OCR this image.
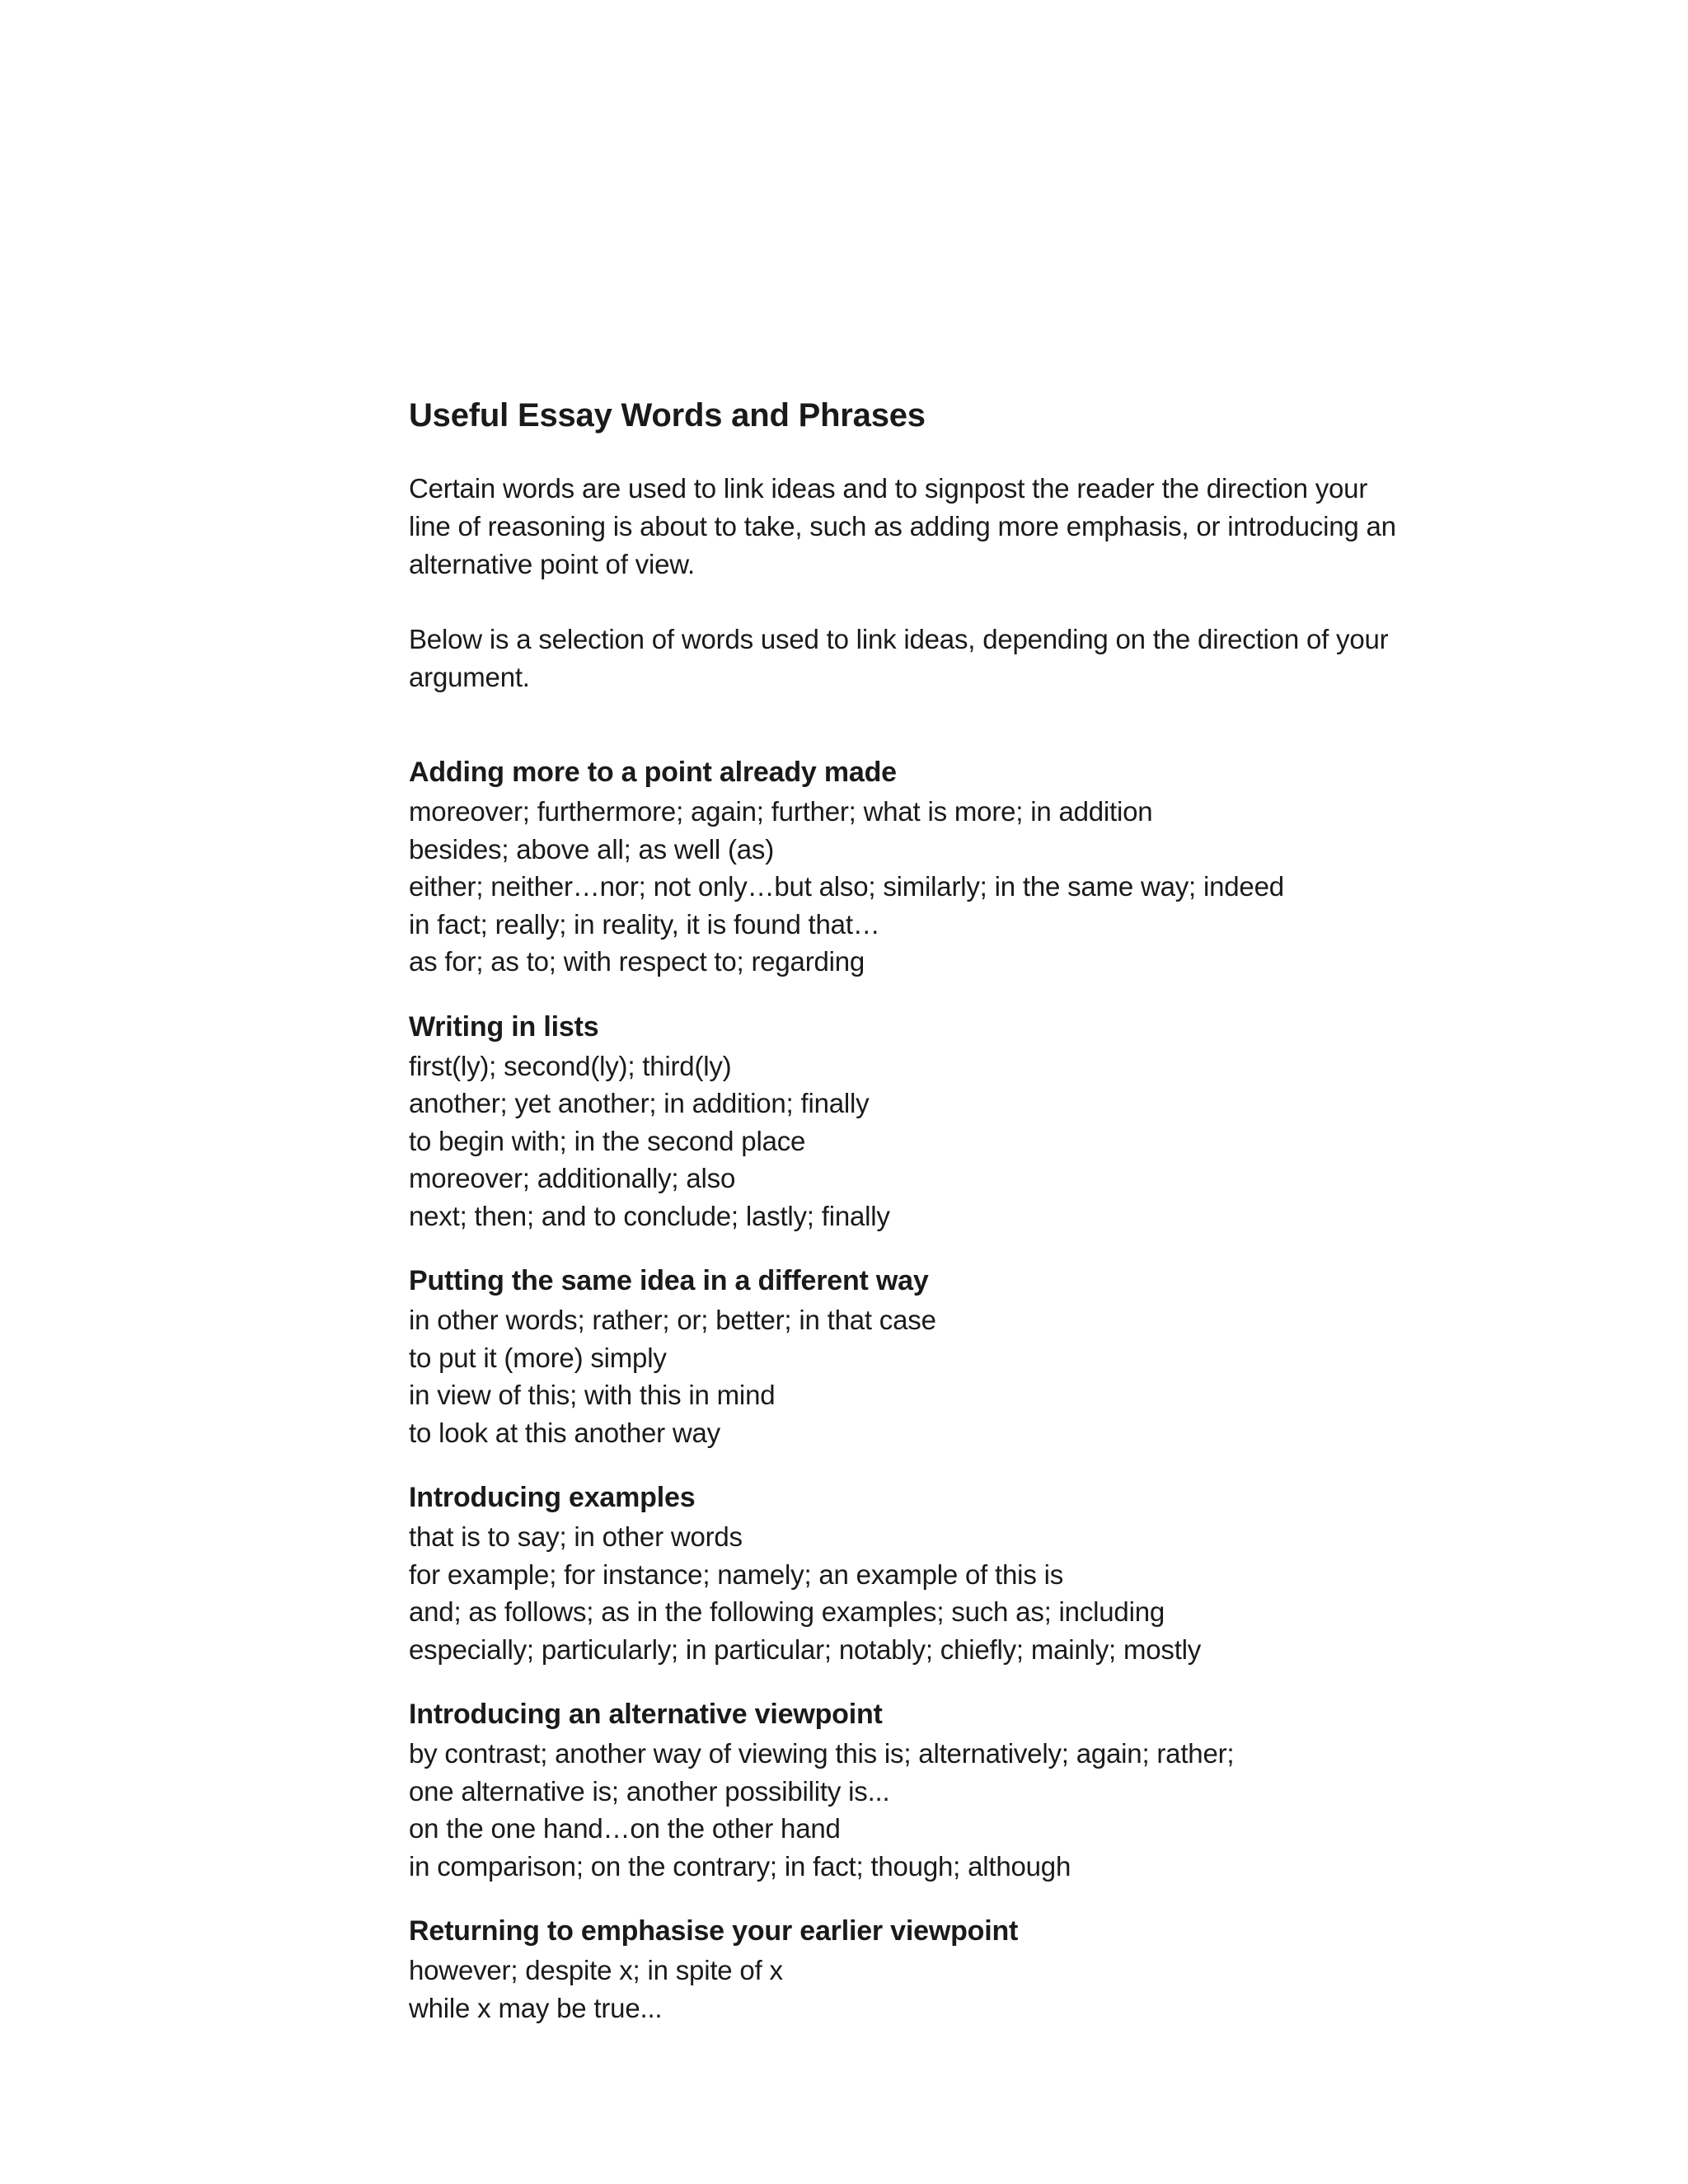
Useful Essay Words and Phrases

Certain words are used to link ideas and to signpost the reader the direction your line of reasoning is about to take, such as adding more emphasis, or introducing an alternative point of view.

Below is a selection of words used to link ideas, depending on the direction of your argument.

Adding more to a point already made
moreover; furthermore; again; further; what is more; in addition
besides; above all; as well (as)
either; neither…nor; not only…but also; similarly; in the same way; indeed
in fact; really; in reality, it is found that…
as for; as to; with respect to; regarding
Writing in lists
first(ly); second(ly); third(ly)
another; yet another; in addition; finally
to begin with; in the second place
moreover; additionally; also
next; then; and to conclude; lastly; finally
Putting the same idea in a different way
in other words; rather; or; better; in that case
to put it (more) simply
in view of this; with this in mind
to look at this another way
Introducing examples
that is to say; in other words
for example; for instance; namely; an example of this is
and; as follows; as in the following examples; such as; including
especially; particularly; in particular; notably; chiefly; mainly; mostly
Introducing an alternative viewpoint
by contrast; another way of viewing this is; alternatively; again; rather;
one alternative is; another possibility is...
on the one hand…on the other hand
in comparison; on the contrary; in fact; though; although
Returning to emphasise your earlier viewpoint
however; despite x; in spite of x
while x may be true...
